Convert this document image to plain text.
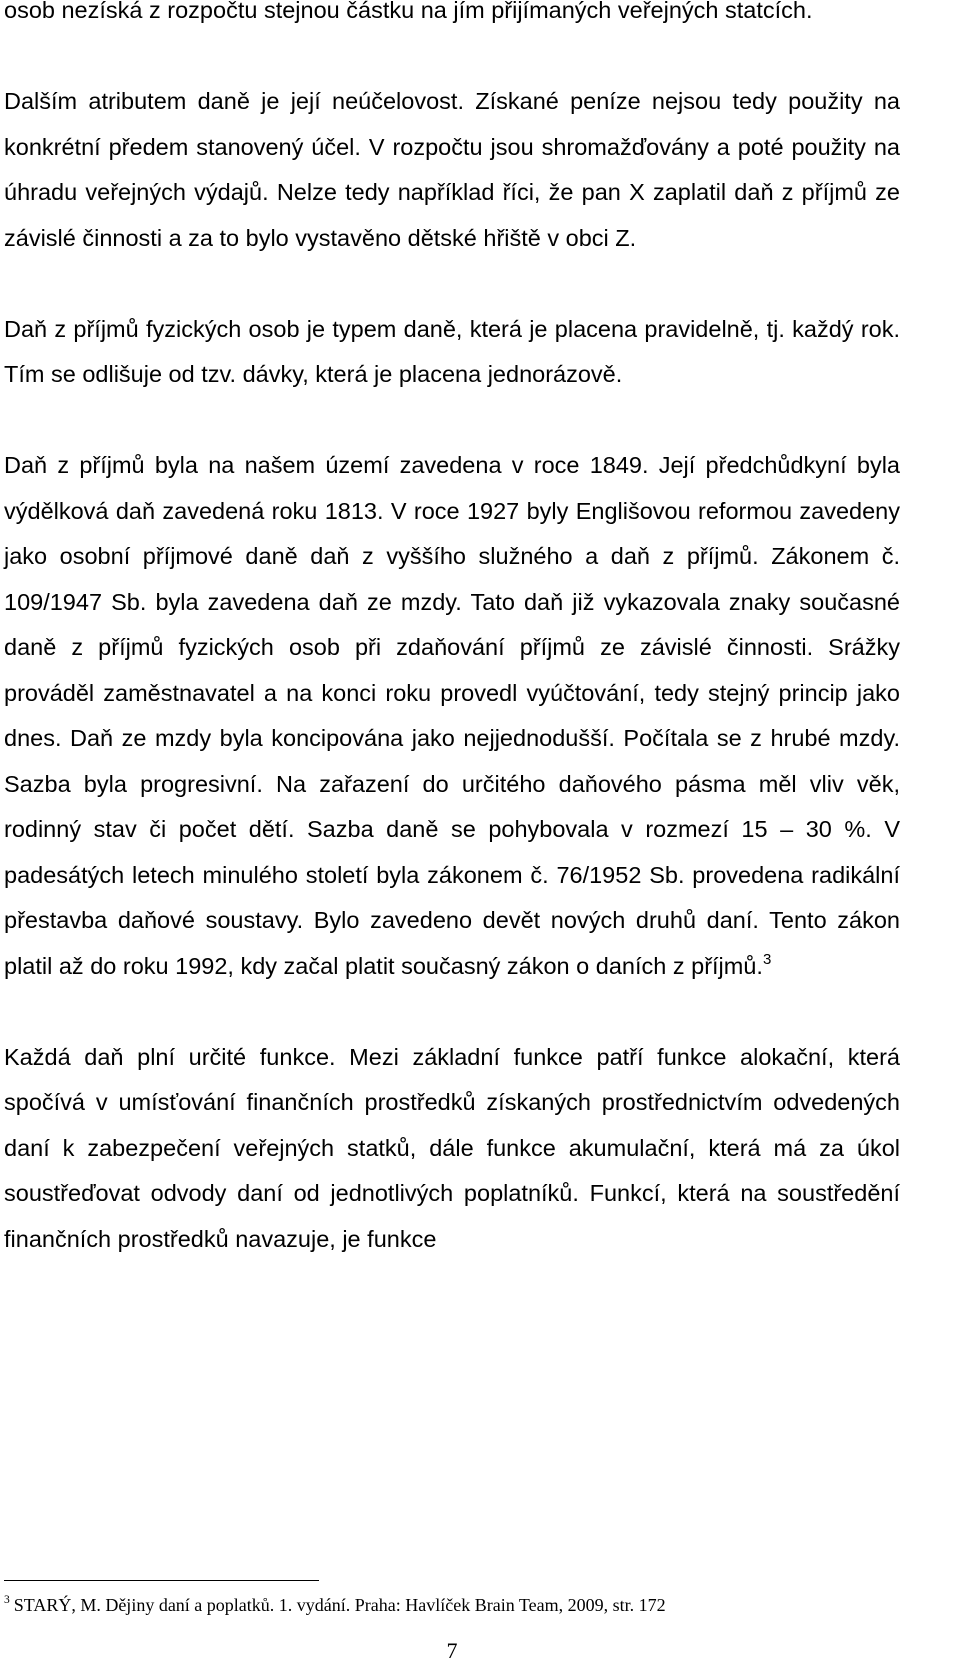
osob nezíská z rozpočtu stejnou částku na jím přijímaných veřejných statcích.

Dalším atributem daně je její neúčelovost. Získané peníze nejsou tedy použity na konkrétní předem stanovený účel. V rozpočtu jsou shromažďovány a poté použity na úhradu veřejných výdajů. Nelze tedy například říci, že pan X zaplatil daň z příjmů ze závislé činnosti a za to bylo vystavěno dětské hřiště v obci Z.

Daň z příjmů fyzických osob je typem daně, která je placena pravidelně, tj. každý rok. Tím se odlišuje od tzv. dávky, která je placena jednorázově.

Daň z příjmů byla na našem území zavedena v roce 1849. Její předchůdkyní byla výdělková daň zavedená roku 1813. V roce 1927 byly Englišovou reformou zavedeny jako osobní příjmové daně daň z vyššího služného a daň z příjmů. Zákonem č. 109/1947 Sb. byla zavedena daň ze mzdy. Tato daň již vykazovala znaky současné daně z příjmů fyzických osob při zdaňování příjmů ze závislé činnosti. Srážky prováděl zaměstnavatel a na konci roku provedl vyúčtování, tedy stejný princip jako dnes. Daň ze mzdy byla koncipována jako nejjednodušší. Počítala se z hrubé mzdy. Sazba byla progresivní. Na zařazení do určitého daňového pásma měl vliv věk, rodinný stav či počet dětí. Sazba daně se pohybovala v rozmezí 15 – 30 %. V padesátých letech minulého století byla zákonem č. 76/1952 Sb. provedena radikální přestavba daňové soustavy. Bylo zavedeno devět nových druhů daní. Tento zákon platil až do roku 1992, kdy začal platit současný zákon o daních z příjmů.$^3$

Každá daň plní určité funkce. Mezi základní funkce patří funkce alokační, která spočívá v umísťování finančních prostředků získaných prostřednictvím odvedených daní k zabezpečení veřejných statků, dále funkce akumulační, která má za úkol soustřeďovat odvody daní od jednotlivých poplatníků. Funkcí, která na soustředění finančních prostředků navazuje, je funkce

$^3$ STARÝ, M. Dějiny daní a poplatků. 1. vydání. Praha: Havlíček Brain Team, 2009, str. 172
7
